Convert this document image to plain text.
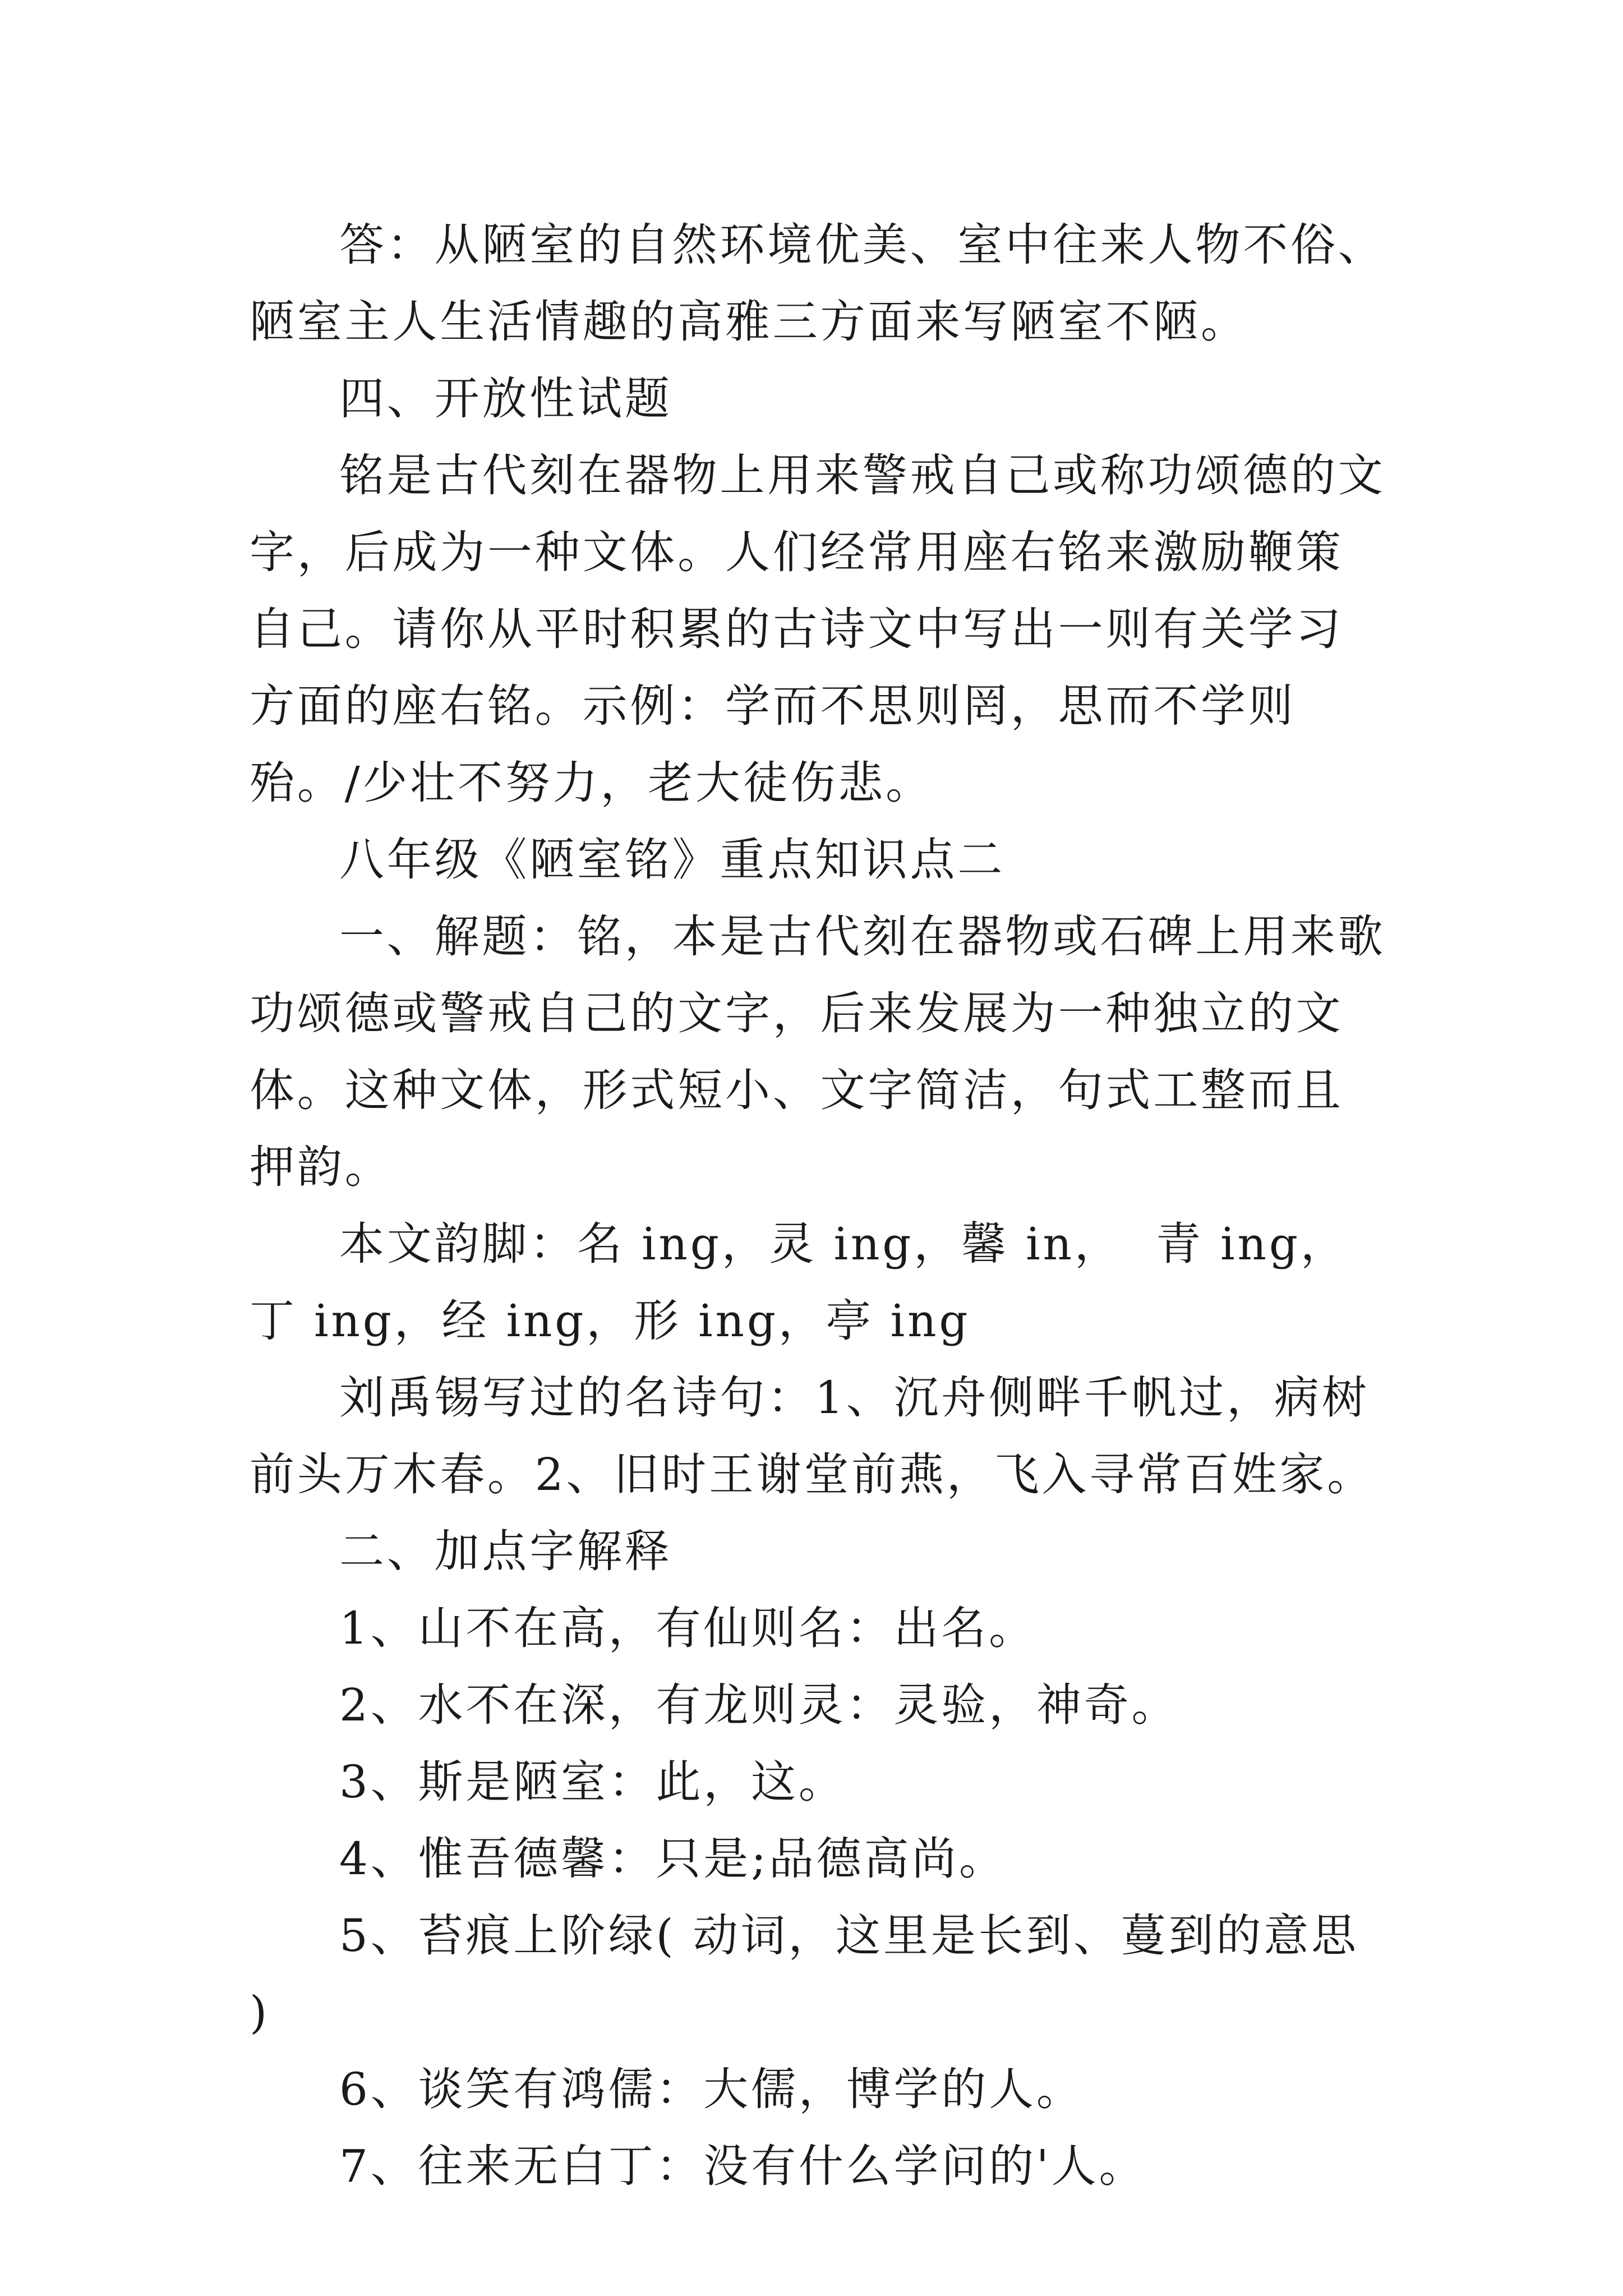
答：从陋室的自然环境优美、室中往来人物不俗、陋室主人生活情趣的高雅三方面来写陋室不陋。

四、开放性试题

铭是古代刻在器物上用来警戒自己或称功颂德的文字，后成为一种文体。人们经常用座右铭来激励鞭策自己。请你从平时积累的古诗文中写出一则有关学习方面的座右铭。示例：学而不思则罔，思而不学则殆。/少壮不努力，老大徒伤悲。

八年级《陋室铭》重点知识点二

一、解题：铭，本是古代刻在器物或石碑上用来歌功颂德或警戒自己的文字，后来发展为一种独立的文体。这种文体，形式短小、文字简洁，句式工整而且押韵。

本文韵脚：名 ing，灵 ing，馨 in，  青 ing，丁 ing，经 ing，形 ing，亭 ing

刘禹锡写过的名诗句：1、沉舟侧畔千帆过，病树前头万木春。2、旧时王谢堂前燕，飞入寻常百姓家。

二、加点字解释

1、山不在高，有仙则名：出名。

2、水不在深，有龙则灵：灵验，神奇。

3、斯是陋室：此，这。

4、惟吾德馨：只是;品德高尚。

5、苔痕上阶绿( 动词，这里是长到、蔓到的意思 )

6、谈笑有鸿儒：大儒，博学的人。

7、往来无白丁：没有什么学问的'人。
